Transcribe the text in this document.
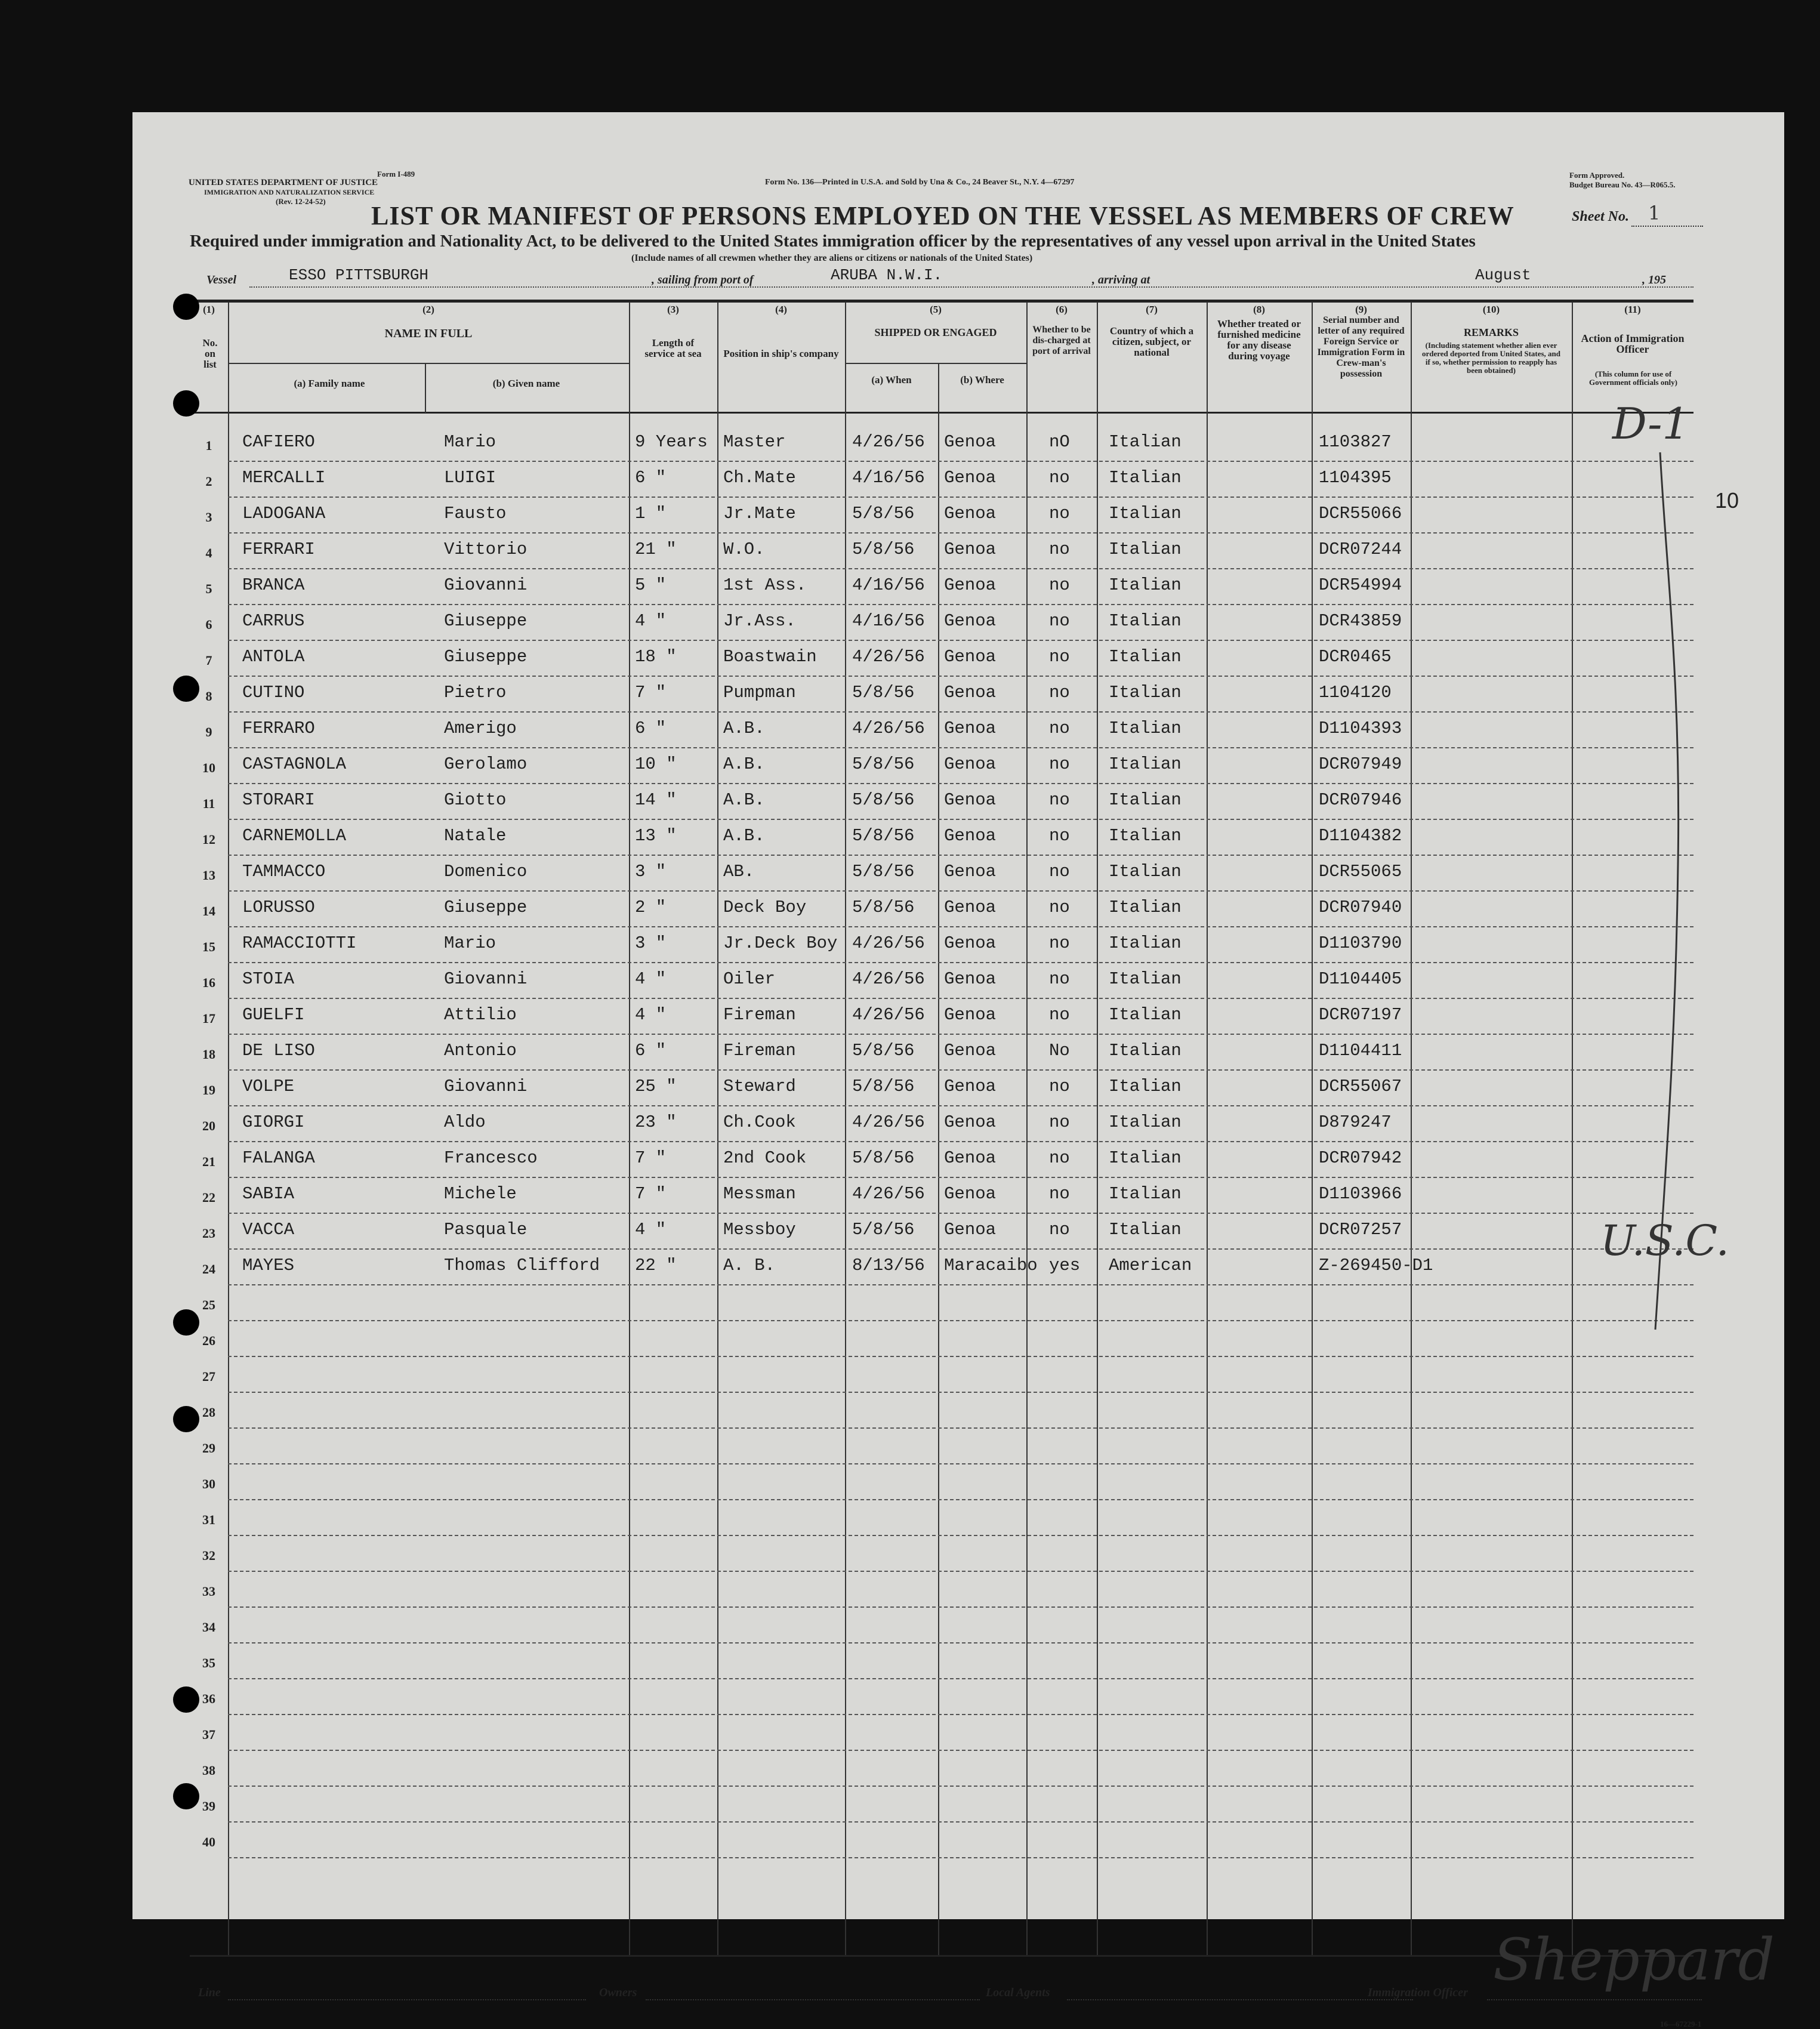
Form I-489
UNITED STATES DEPARTMENT OF JUSTICE
IMMIGRATION AND NATURALIZATION SERVICE
(Rev. 12-24-52)
Form No. 136—Printed in U.S.A. and Sold by Una & Co., 24 Beaver St., N.Y. 4—67297
Form Approved.
Budget Bureau No. 43—R065.5.
LIST OR MANIFEST OF PERSONS EMPLOYED ON THE VESSEL AS MEMBERS OF CREW	Sheet No. 1
Required under immigration and Nationality Act, to be delivered to the United States immigration officer by the representatives of any vessel upon arrival in the United States
(Include names of all crewmen whether they are aliens or citizens or nationals of the United States)
Vessel	ESSO PITTSBURGH	, sailing from port of	ARUBA N.W.I.	, arriving at	August	, 195
(1)
No. on list
(2)
NAME IN FULL
(a) Family name	(b) Given name
(3)
Length of service at sea
(4)
Position in ship's company
(5)
SHIPPED OR ENGAGED
(a) When	(b) Where
(6)
Whether to be dis-charged at port of arrival
(7)
Country of which a citizen, subject, or national
(8)
Whether treated or furnished medicine for any disease during voyage
(9)
Serial number and letter of any required Foreign Service or Immigration Form in Crew-man's possession
(10)
REMARKS
(Including statement whether alien ever ordered deported from United States, and if so, whether permission to reapply has been obtained)
(11)
Action of Immigration Officer
(This column for use of Government officials only)
1	CAFIERO	Mario	9 Years Master	4/26/56 Genoa	nO Italian	1103827
2	MERCALLI	LUIGI	6 "	Ch.Mate	4/16/56 Genoa	no Italian	1104395
3	LADOGANA	Fausto	1 "	Jr.Mate	5/8/56 Genoa	no Italian	DCR55066
4	FERRARI	Vittorio	21 "	W.O.	5/8/56 Genoa	no Italian	DCR07244
5	BRANCA	Giovanni	5 "	1st Ass.	4/16/56 Genoa	no Italian	DCR54994
6	CARRUS	Giuseppe	4 "	Jr.Ass.	4/16/56 Genoa	no Italian	DCR43859
7	ANTOLA	Giuseppe	18 "	Boastwain 4/26/56 Genoa	no Italian	DCR0465
8	CUTINO	Pietro	7 "	Pumpman	5/8/56 Genoa	no Italian	1104120
9	FERRARO	Amerigo	6 "	A.B.	4/26/56 Genoa	no Italian	D1104393
10	CASTAGNOLA	Gerolamo	10 "	A.B.	5/8/56 Genoa	no Italian	DCR07949
11	STORARI	Giotto	14 "	A.B.	5/8/56 Genoa	no Italian	DCR07946
12	CARNEMOLLA	Natale	13 "	A.B.	5/8/56 Genoa	no Italian	D1104382
13	TAMMACCO	Domenico	3 "	AB.	5/8/56 Genoa	no Italian	DCR55065
14	LORUSSO	Giuseppe	2 "	Deck Boy	5/8/56 Genoa	no Italian	DCR07940
15	RAMACCIOTTI	Mario	3 "	Jr.Deck Boy 4/26/56 Genoa	no Italian	D1103790
16	STOIA	Giovanni	4 "	Oiler	4/26/56 Genoa	no Italian	D1104405
17	GUELFI	Attilio	4 "	Fireman	4/26/56 Genoa	no Italian	DCR07197
18	DE LISO	Antonio	6 "	Fireman	5/8/56 Genoa	No Italian	D1104411
19	VOLPE	Giovanni	25 "	Steward	5/8/56 Genoa	no Italian	DCR55067
20	GIORGI	Aldo	23 "	Ch.Cook	4/26/56 Genoa	no Italian	D879247
21	FALANGA	Francesco	7 "	2nd Cook	5/8/56 Genoa	no Italian	DCR07942
22	SABIA	Michele	7 "	Messman	4/26/56 Genoa	no Italian	D1103966
23	VACCA	Pasquale	4 "	Messboy	5/8/56 Genoa	no Italian	DCR07257
24	MAYES	Thomas Clifford 22 "	A. B.	8/13/56 Maracaibo yes American	Z-269450-D1
25
26
27
28
29
30
31
32
33
34
35
36
37
38
39
40
D-1
10
U.S.C.
Line	Owners	Local Agents	Immigration Officer Sheppard
16—67229-1
